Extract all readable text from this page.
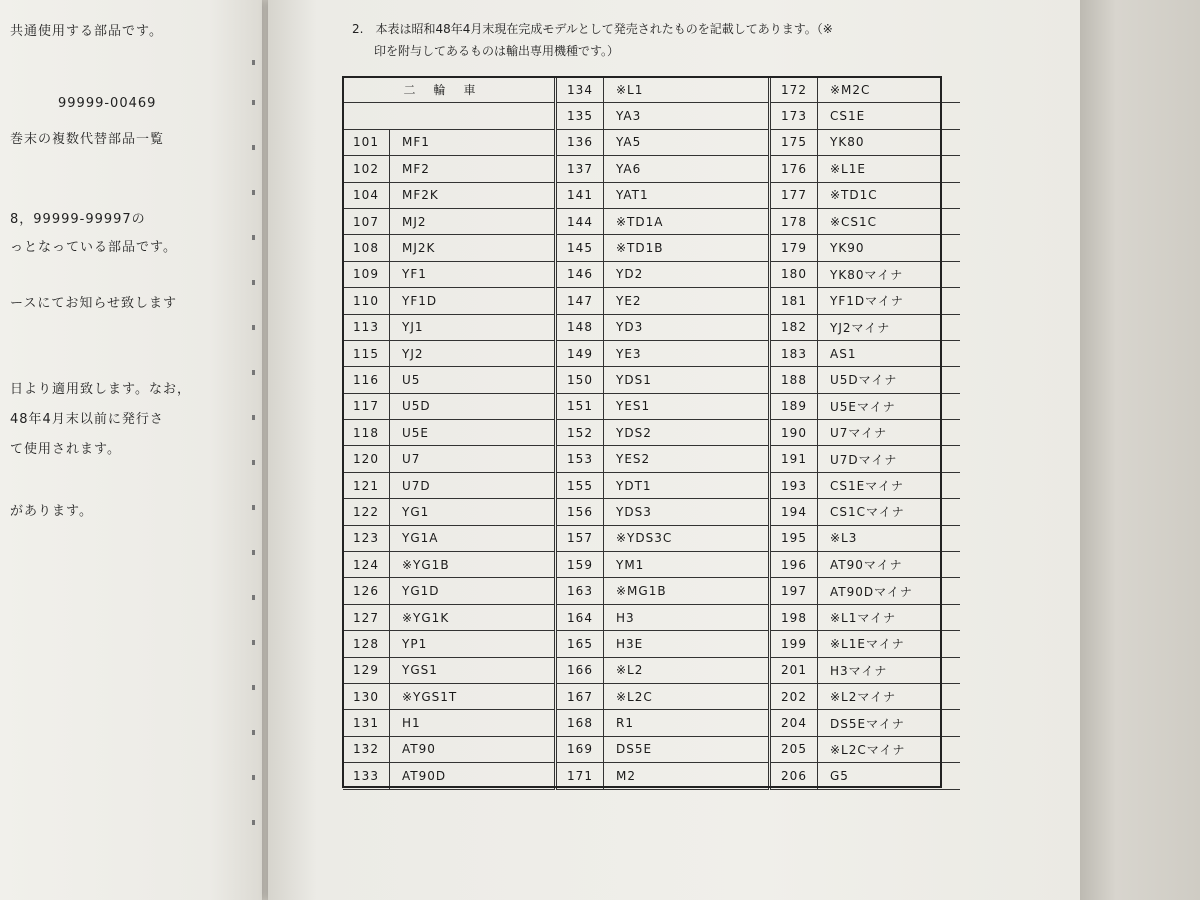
共通使用する部品です。
99999-00469
巻末の複数代替部品一覧
8，99999-99997の
っとなっている部品です。
ースにてお知らせ致します
日より適用致します。なお，
48年4月末以前に発行さ
て使用されます。
があります。
2.　本表は昭和48年4月末現在完成モデルとして発売されたものを記載してあります。（※
印を附与してあるものは輸出専用機種です。）
二輪車		134	※L1	172	※M2C
		135	YA3	173	CS1E
101	MF1	136	YA5	175	YK80
102	MF2	137	YA6	176	※L1E
104	MF2K	141	YAT1	177	※TD1C
107	MJ2	144	※TD1A	178	※CS1C
108	MJ2K	145	※TD1B	179	YK90
109	YF1	146	YD2	180	YK80マイナ
110	YF1D	147	YE2	181	YF1Dマイナ
113	YJ1	148	YD3	182	YJ2マイナ
115	YJ2	149	YE3	183	AS1
116	U5	150	YDS1	188	U5Dマイナ
117	U5D	151	YES1	189	U5Eマイナ
118	U5E	152	YDS2	190	U7マイナ
120	U7	153	YES2	191	U7Dマイナ
121	U7D	155	YDT1	193	CS1Eマイナ
122	YG1	156	YDS3	194	CS1Cマイナ
123	YG1A	157	※YDS3C	195	※L3
124	※YG1B	159	YM1	196	AT90マイナ
126	YG1D	163	※MG1B	197	AT90Dマイナ
127	※YG1K	164	H3	198	※L1マイナ
128	YP1	165	H3E	199	※L1Eマイナ
129	YGS1	166	※L2	201	H3マイナ
130	※YGS1T	167	※L2C	202	※L2マイナ
131	H1	168	R1	204	DS5Eマイナ
132	AT90	169	DS5E	205	※L2Cマイナ
133	AT90D	171	M2	206	G5
